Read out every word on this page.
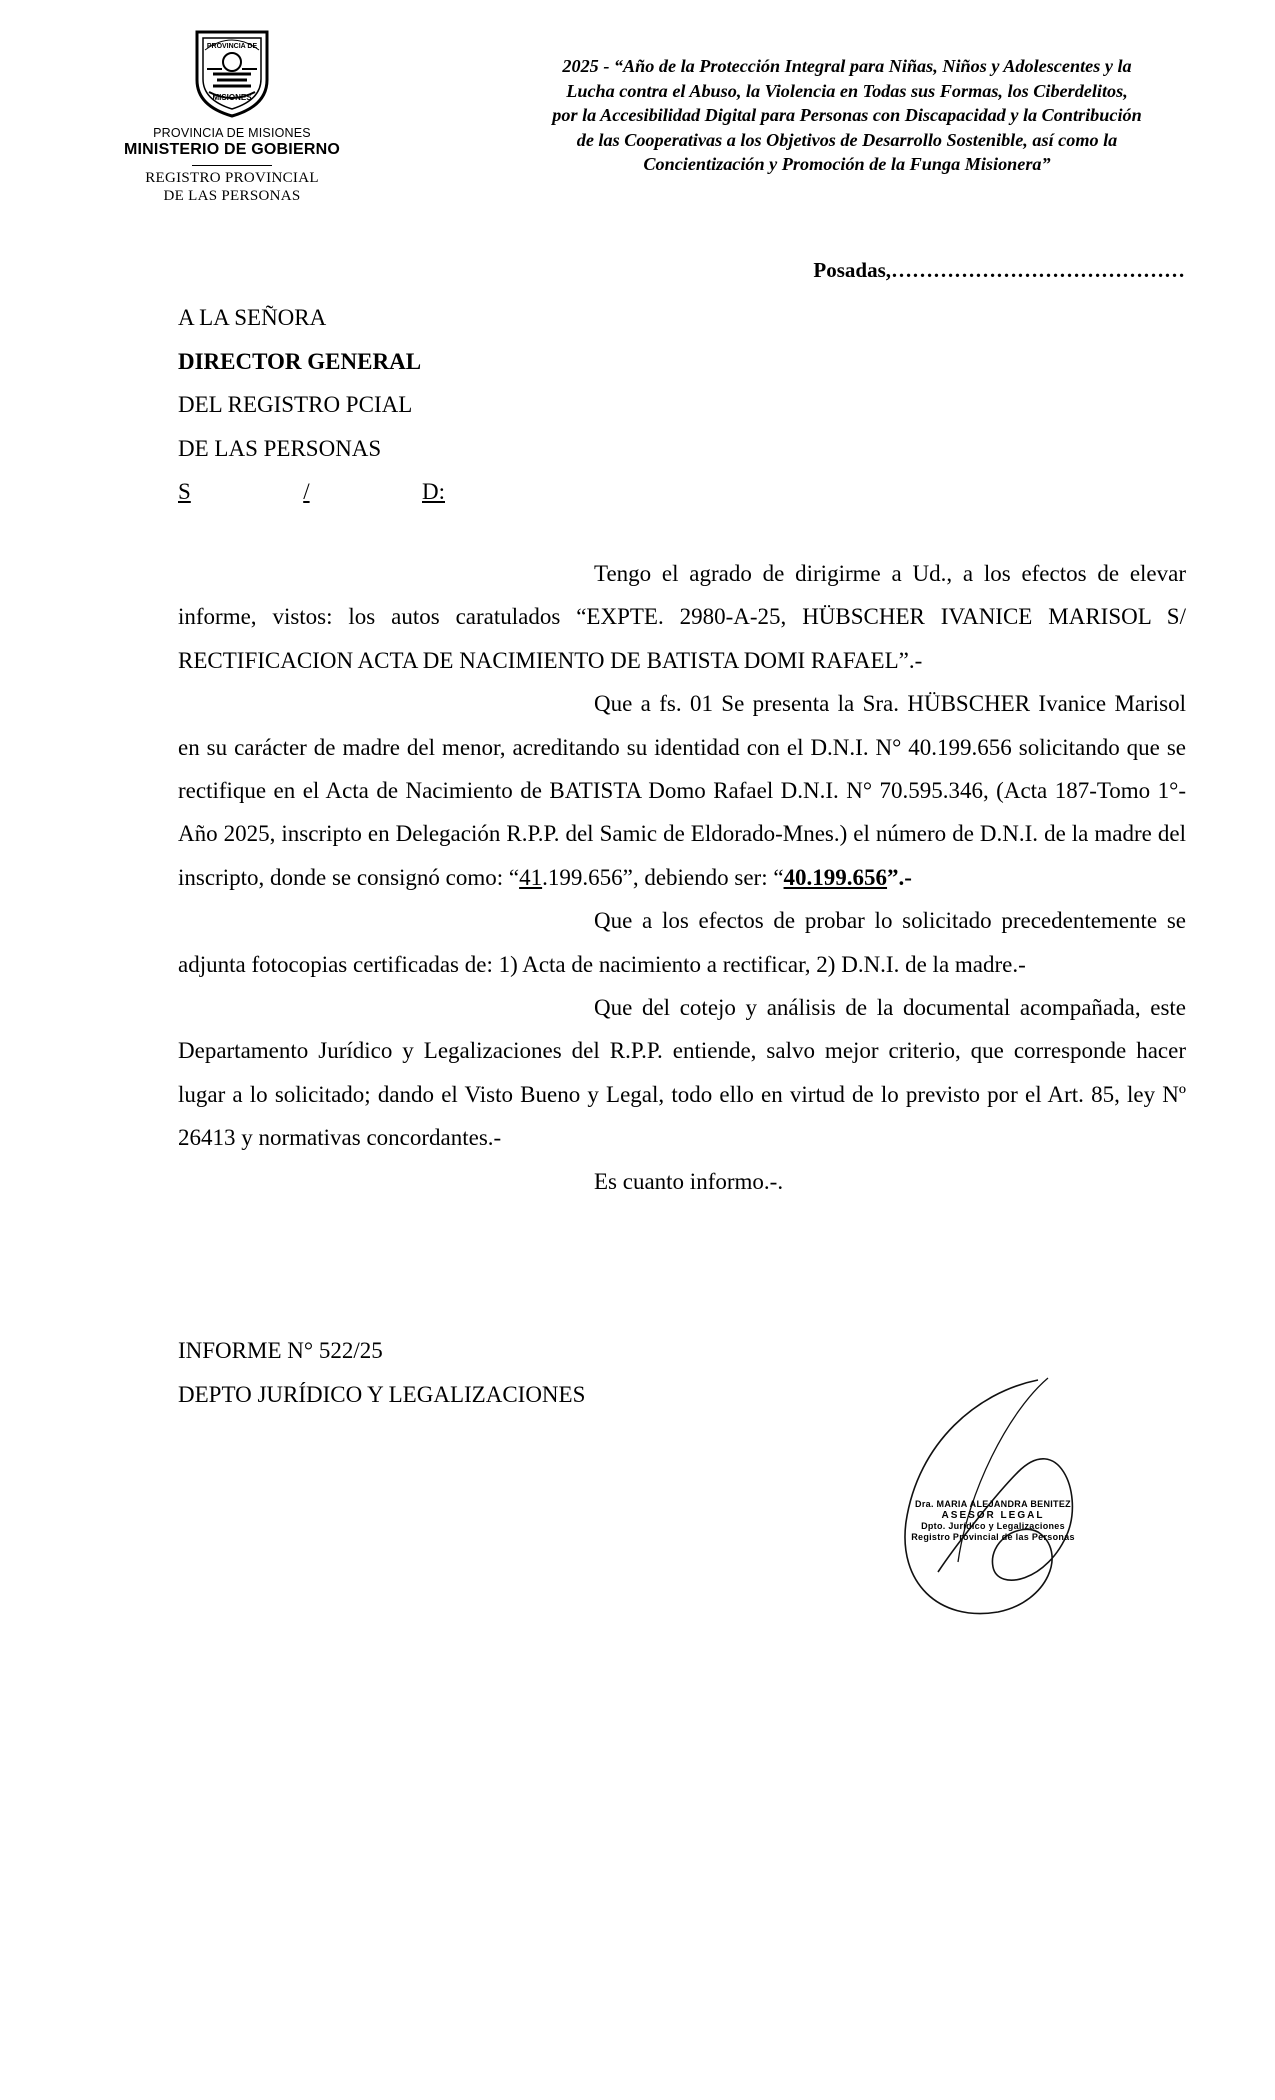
PROVINCIA DE
MISIONES
PROVINCIA DE MISIONES
MINISTERIO DE GOBIERNO
REGISTRO PROVINCIAL
DE LAS PERSONAS
2025 - “Año de la Protección Integral para Niñas, Niños y Adolescentes y la
Lucha contra el Abuso, la Violencia en Todas sus Formas, los Ciberdelitos,
por la Accesibilidad Digital para Personas con Discapacidad y la Contribución
de las Cooperativas a los Objetivos de Desarrollo Sostenible, así como la
Concientización y Promoción de la Funga Misionera”
Posadas,……………………………………
A LA SEÑORA
DIRECTOR GENERAL
DEL REGISTRO PCIAL
DE LAS PERSONAS
S	/	D:

Tengo el agrado de dirigirme a Ud., a los efectos de elevar informe, vistos: los autos caratulados “EXPTE. 2980-A-25, HÜBSCHER IVANICE MARISOL S/ RECTIFICACION ACTA DE NACIMIENTO DE BATISTA DOMI RAFAEL”.-

Que a fs. 01 Se presenta la Sra. HÜBSCHER Ivanice Marisol en su carácter de madre del menor, acreditando su identidad con el D.N.I. N° 40.199.656 solicitando que se rectifique en el Acta de Nacimiento de BATISTA Domo Rafael D.N.I. N° 70.595.346, (Acta 187-Tomo 1°-Año 2025, inscripto en Delegación R.P.P. del Samic de Eldorado-Mnes.) el número de D.N.I. de la madre del inscripto, donde se consignó como: “41.199.656”, debiendo ser: “40.199.656”.-

Que a los efectos de probar lo solicitado precedentemente se adjunta fotocopias certificadas de: 1) Acta de nacimiento a rectificar, 2) D.N.I. de la madre.-

Que del cotejo y análisis de la documental acompañada, este Departamento Jurídico y Legalizaciones del R.P.P. entiende, salvo mejor criterio, que corresponde hacer lugar a lo solicitado; dando el Visto Bueno y Legal, todo ello en virtud de lo previsto por el Art. 85, ley Nº 26413 y normativas concordantes.-

Es cuanto informo.-.

INFORME N° 522/25
DEPTO JURÍDICO Y LEGALIZACIONES
Dra. MARIA ALEJANDRA BENITEZ
ASESOR LEGAL
Dpto. Jurídico y Legalizaciones
Registro Provincial de las Personas
